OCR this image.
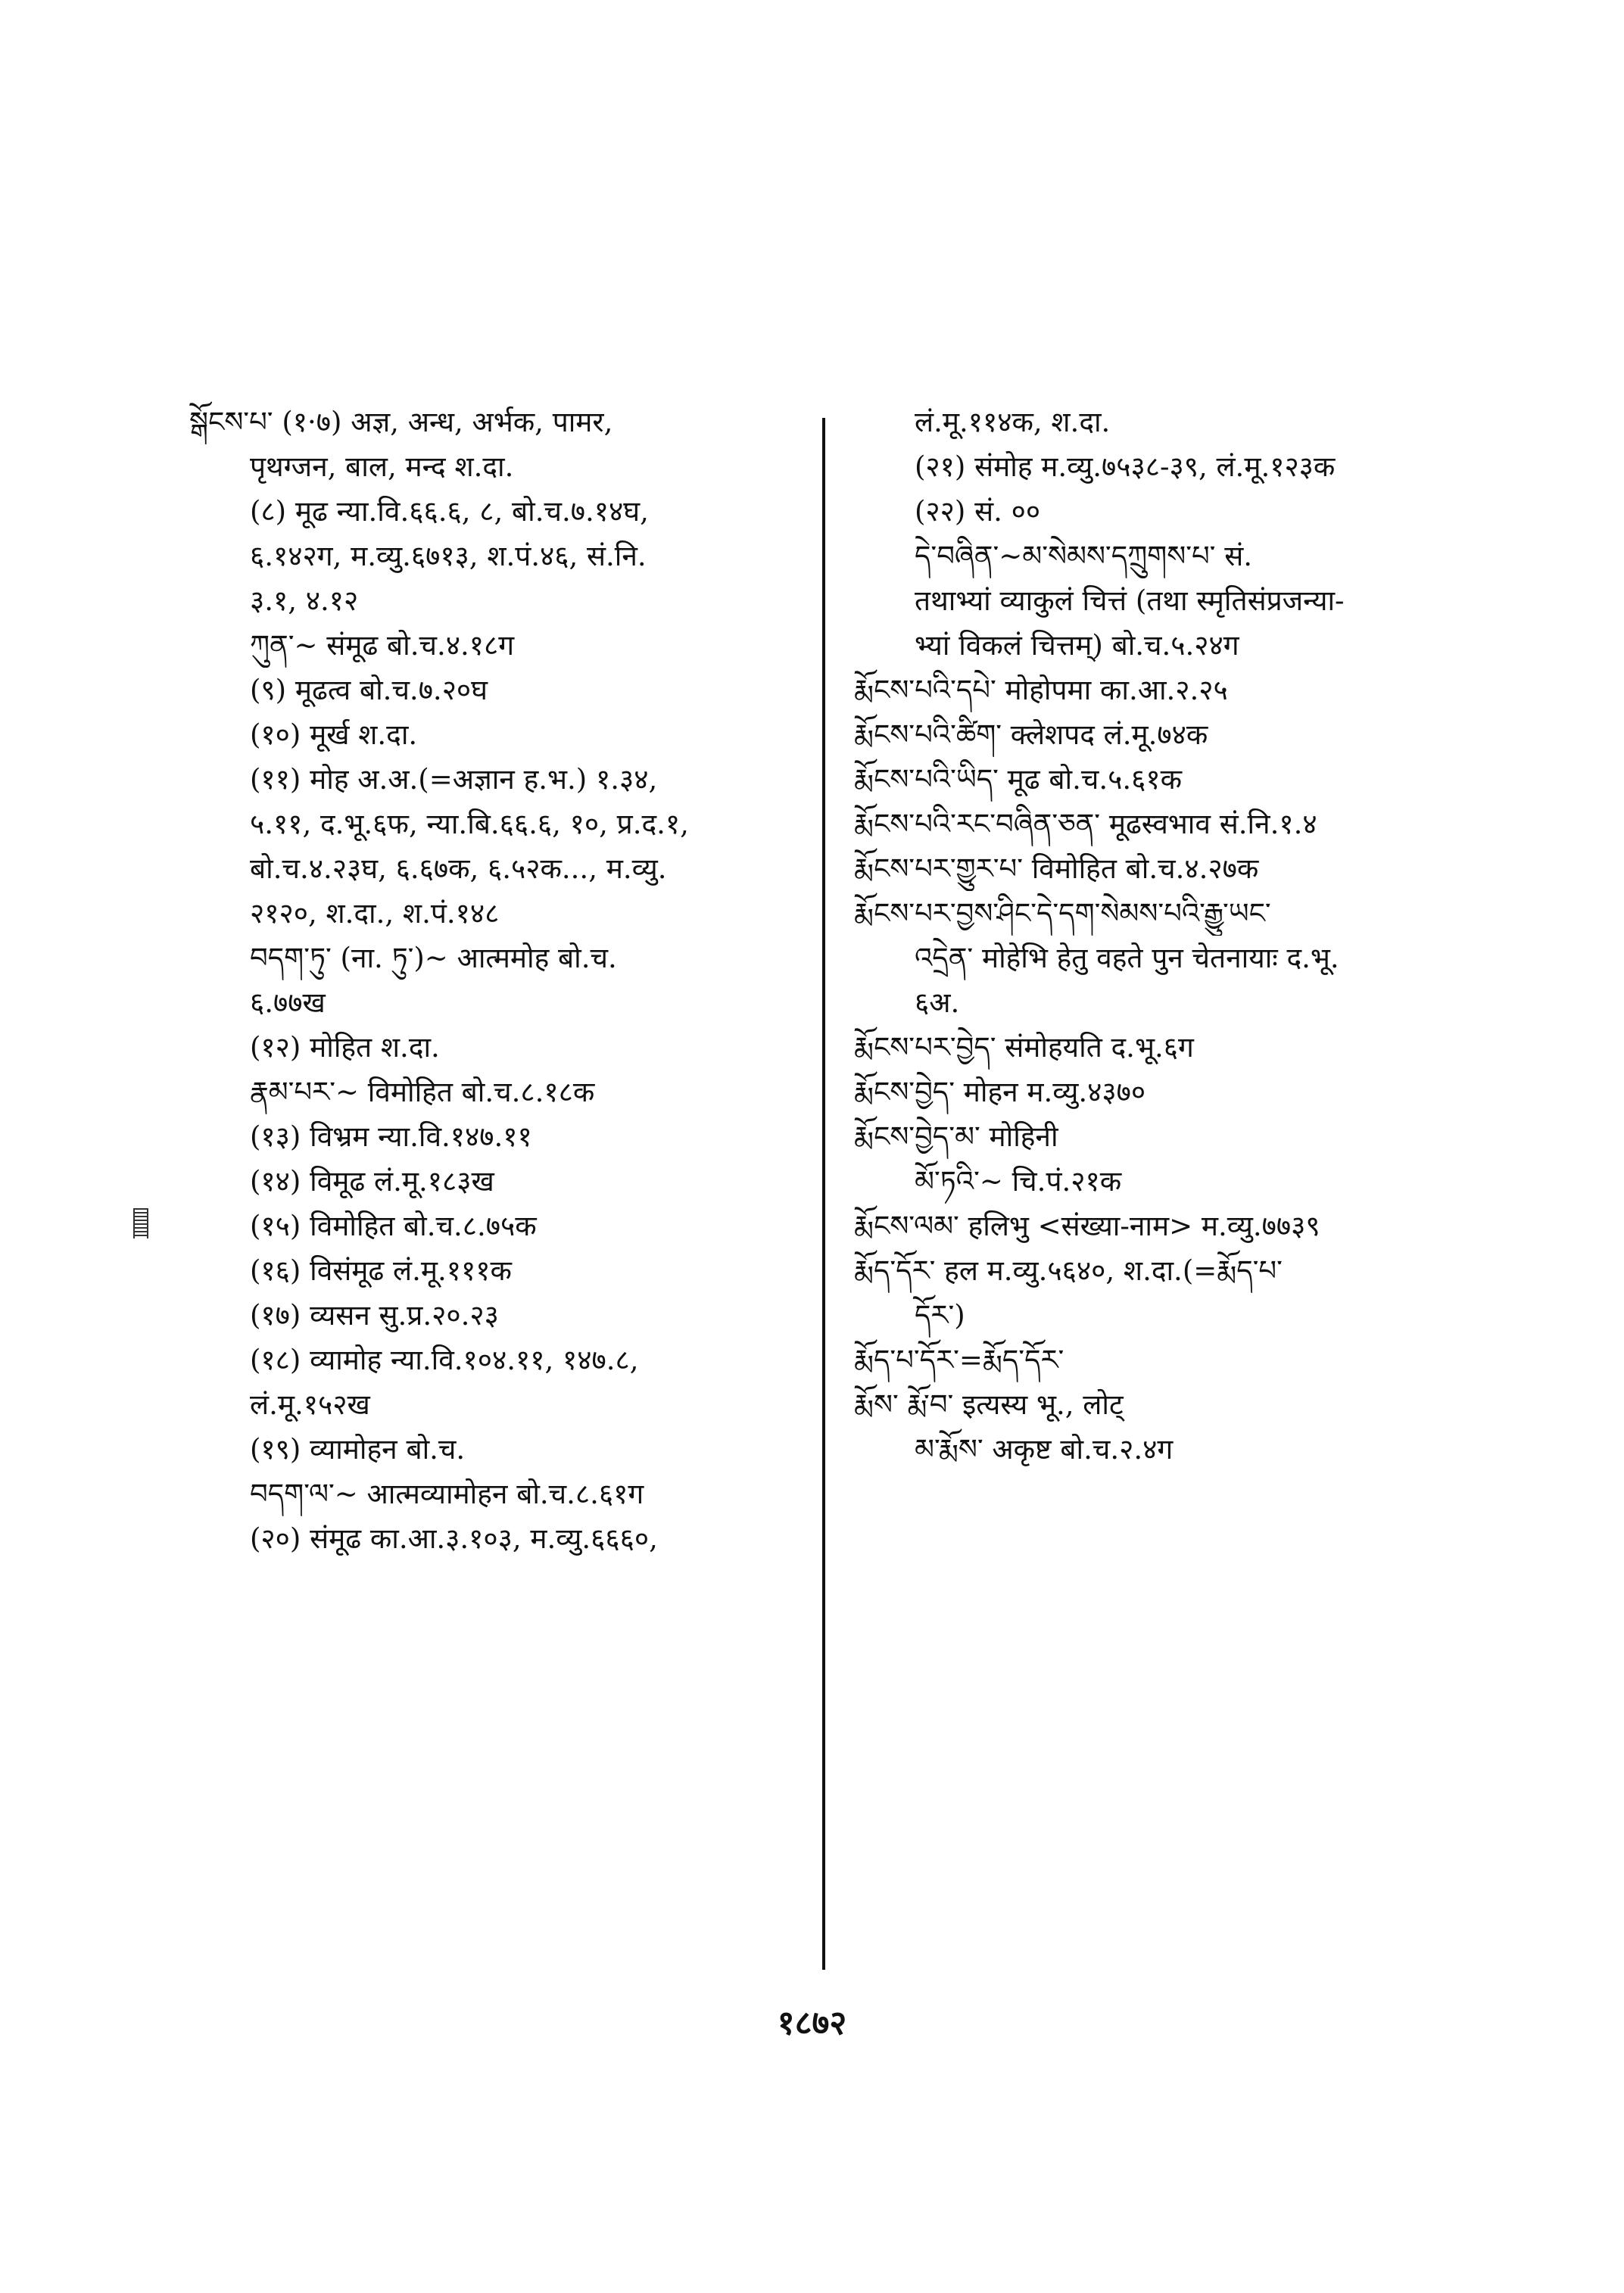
སྒོངས་པ་ (१·७) अज्ञ, अन्ध, अर्भक, पामर,
पृथग्जन, बाल, मन्द श.दा.
(८) मूढ न्या.वि.६६.६, ८, बो.च.७.१४घ,
६.१४२ग, म.व्यु.६७१३, श.पं.४६, सं.नि.
३.१, ४.१२
ཀུན་~ संमूढ बो.च.४.१८ग
(९) मूढत्व बो.च.७.२०घ
(१०) मूर्ख श.दा.
(११) मोह अ.अ.(=अज्ञान ह.भ.) १.३४,
५.११, द.भू.६फ, न्या.बि.६६.६, १०, प्र.द.१,
बो.च.४.२३घ, ६.६७क, ६.५२क..., म.व्यु.
२१२०, श.दा., श.पं.१४८
བདག་ཏུ་ (ना. ཏུ་)~ आत्ममोह बो.च.
६.७७ख
(१२) मोहित श.दा.
རྣམ་པར་~ विमोहित बो.च.८.१८क
(१३) विभ्रम न्या.वि.१४७.११
(१४) विमूढ लं.मू.१८३ख
(१५) विमोहित बो.च.८.७५क
(१६) विसंमूढ लं.मू.१११क
(१७) व्यसन सु.प्र.२०.२३
(१८) व्यामोह न्या.वि.१०४.११, १४७.८,
लं.मू.१५२ख
(१९) व्यामोहन बो.च.
བདག་ལ་~ आत्मव्यामोहन बो.च.८.६१ग
(२०) संमूढ का.आ.३.१०३, म.व्यु.६६६०,
लं.मू.११४क, श.दा.
(२१) संमोह म.व्यु.७५३८-३९, लं.मू.१२३क
(२२) सं. ००
དེ་བཞིན་~མ་སེམས་དཀྲུགས་པ་ सं.
तथाभ्यां व्याकुलं चित्तं (तथा स्मृतिसंप्रजन्या-
भ्यां विकलं चित्तम्) बो.च.५.२४ग
རྨོངས་པའི་དཔེ་ मोहोपमा का.आ.२.२५
རྨོངས་པའི་ཚིག་ क्लेशपद लं.मू.७४क
རྨོངས་པའི་ཡིད་ मूढ बो.च.५.६१क
རྨོངས་པའི་རང་བཞིན་ཅན་ मूढस्वभाव सं.नि.१.४
རྨོངས་པར་གྱུར་པ་ विमोहित बो.च.४.२७क
རྨོངས་པར་བྱས་ཤིང་དེ་དག་སེམས་པའི་རྒྱུ་ཡང་
འདྲེན་ मोहेभि हेतु वहते पुन चेतनायाः द.भू.
६अ.
རྨོངས་པར་བྱེད་ संमोहयति द.भू.६ग
རྨོངས་བྱེད་ मोहन म.व्यु.४३७०
རྨོངས་བྱེད་མ་ मोहिनी
མོ་ཏའི་~ चि.पं.२१क
རྨོངས་ལམ་ हलिभु <संख्या-नाम> म.व्यु.७७३९
རྨོད་དོར་ हल म.व्यु.५६४०, श.दा.(=རྨོད་པ་
དོར་)
རྨོད་པ་དོར་=རྨོད་དོར་
རྨོས་ རྨོ་བ་ इत्यस्य भू., लोट्
མ་རྨོས་ अकृष्ट बो.च.२.४ग
१८७२
